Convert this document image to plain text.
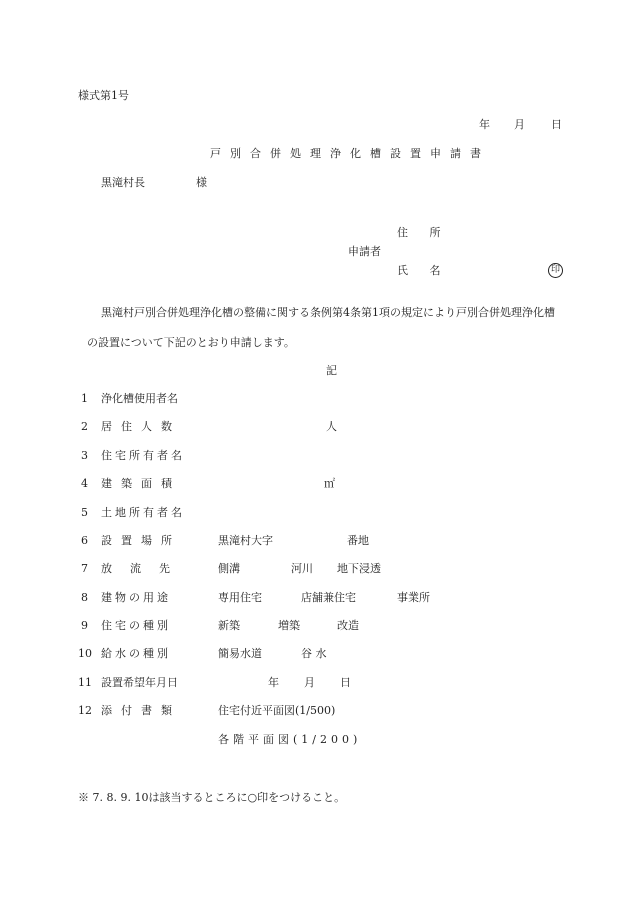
様式第1号
年 月 日
戸別合併処理浄化槽設置申請書
黒滝村長	様
住 所
申請者
氏 名	印
黒滝村戸別合併処理浄化槽の整備に関する条例第4条第1項の規定により戸別合併処理浄化槽
の設置について下記のとおり申請します。
記
1 浄化槽使用者名
2 居住人数	人
3 住宅所有者名
4 建築面積	㎡
5 土地所有者名
6 設置場所	黒滝村大字	番地
7 放流先	側溝	河川 地下浸透
8 建物の用途	専用住宅	店舗兼住宅	事業所
9 住宅の種別	新築	増築	改造
10 給水の種別	簡易水道	谷 水
11 設置希望年月日	年 月 日
12 添付書類	住宅付近平面図(1/500)
各階平面図(1/200)
※ 7. 8. 9. 10は該当するところに○印をつけること。
